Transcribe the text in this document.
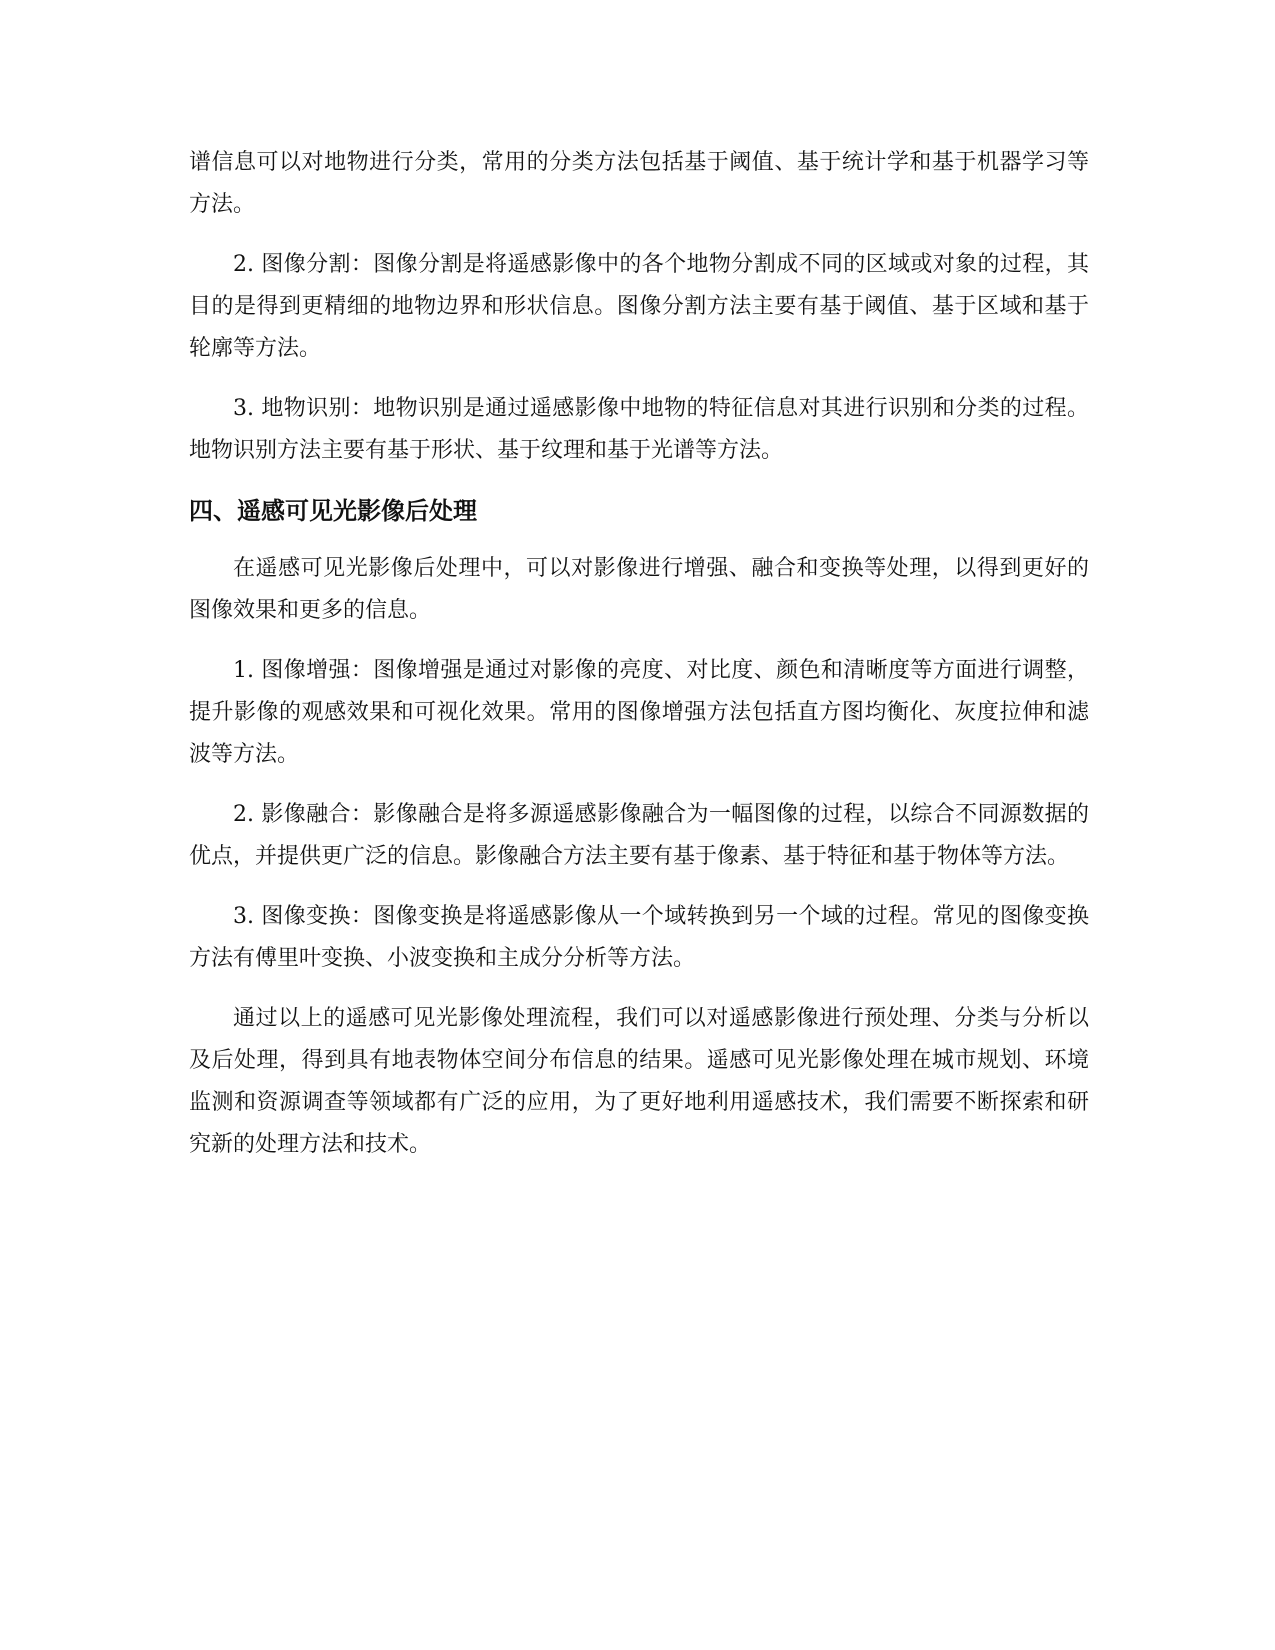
谱信息可以对地物进行分类，常用的分类方法包括基于阈值、基于统计学和基于机器学习等方法。

2. 图像分割：图像分割是将遥感影像中的各个地物分割成不同的区域或对象的过程，其目的是得到更精细的地物边界和形状信息。图像分割方法主要有基于阈值、基于区域和基于轮廓等方法。

3. 地物识别：地物识别是通过遥感影像中地物的特征信息对其进行识别和分类的过程。地物识别方法主要有基于形状、基于纹理和基于光谱等方法。

四、遥感可见光影像后处理

在遥感可见光影像后处理中，可以对影像进行增强、融合和变换等处理，以得到更好的图像效果和更多的信息。

1. 图像增强：图像增强是通过对影像的亮度、对比度、颜色和清晰度等方面进行调整，提升影像的观感效果和可视化效果。常用的图像增强方法包括直方图均衡化、灰度拉伸和滤波等方法。

2. 影像融合：影像融合是将多源遥感影像融合为一幅图像的过程，以综合不同源数据的优点，并提供更广泛的信息。影像融合方法主要有基于像素、基于特征和基于物体等方法。

3. 图像变换：图像变换是将遥感影像从一个域转换到另一个域的过程。常见的图像变换方法有傅里叶变换、小波变换和主成分分析等方法。

通过以上的遥感可见光影像处理流程，我们可以对遥感影像进行预处理、分类与分析以及后处理，得到具有地表物体空间分布信息的结果。遥感可见光影像处理在城市规划、环境监测和资源调查等领域都有广泛的应用，为了更好地利用遥感技术，我们需要不断探索和研究新的处理方法和技术。
